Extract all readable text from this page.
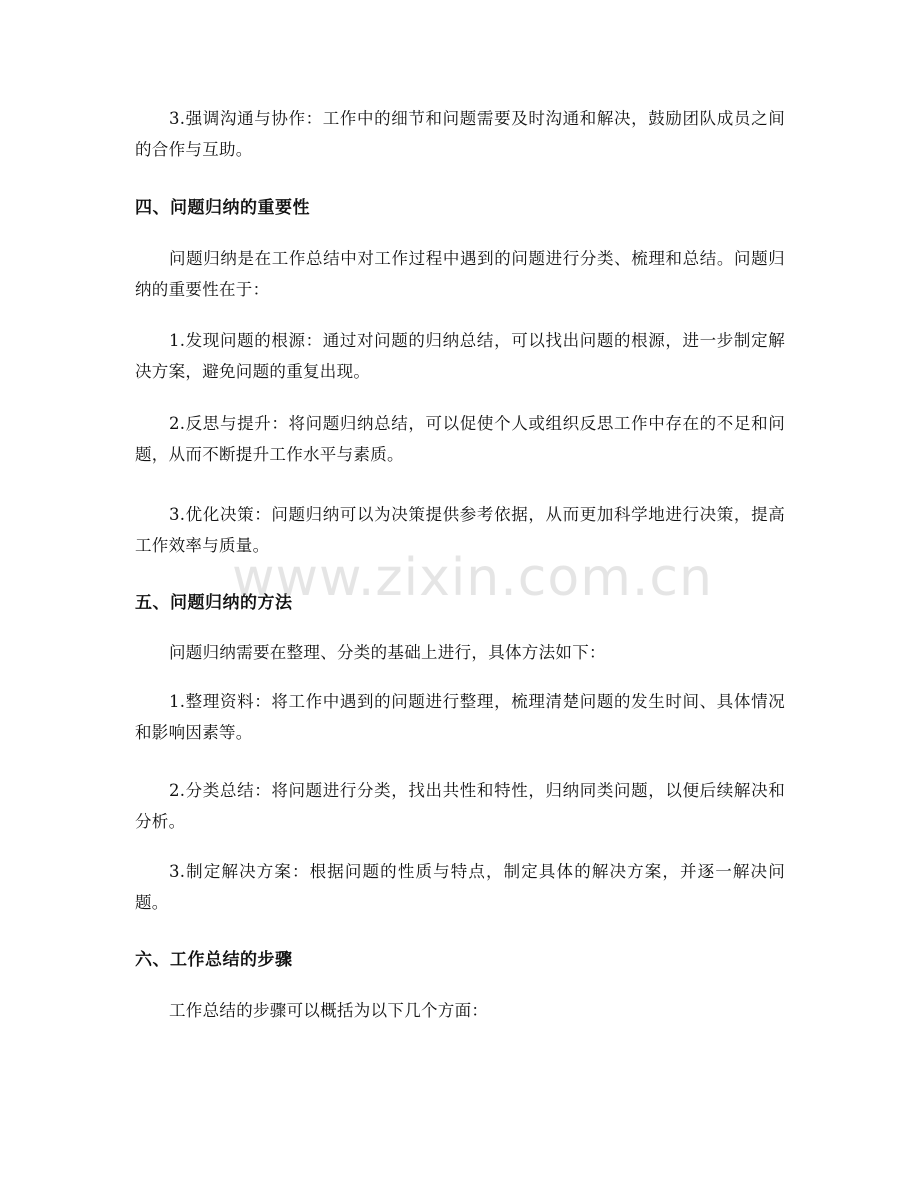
3.强调沟通与协作：工作中的细节和问题需要及时沟通和解决，鼓励团队成员之间的合作与互助。

四、问题归纳的重要性

问题归纳是在工作总结中对工作过程中遇到的问题进行分类、梳理和总结。问题归纳的重要性在于：

1.发现问题的根源：通过对问题的归纳总结，可以找出问题的根源，进一步制定解决方案，避免问题的重复出现。

2.反思与提升：将问题归纳总结，可以促使个人或组织反思工作中存在的不足和问题，从而不断提升工作水平与素质。

3.优化决策：问题归纳可以为决策提供参考依据，从而更加科学地进行决策，提高工作效率与质量。

五、问题归纳的方法

问题归纳需要在整理、分类的基础上进行，具体方法如下：

1.整理资料：将工作中遇到的问题进行整理，梳理清楚问题的发生时间、具体情况和影响因素等。

2.分类总结：将问题进行分类，找出共性和特性，归纳同类问题，以便后续解决和分析。

3.制定解决方案：根据问题的性质与特点，制定具体的解决方案，并逐一解决问题。

六、工作总结的步骤

工作总结的步骤可以概括为以下几个方面：

www.zixin.com.cn
